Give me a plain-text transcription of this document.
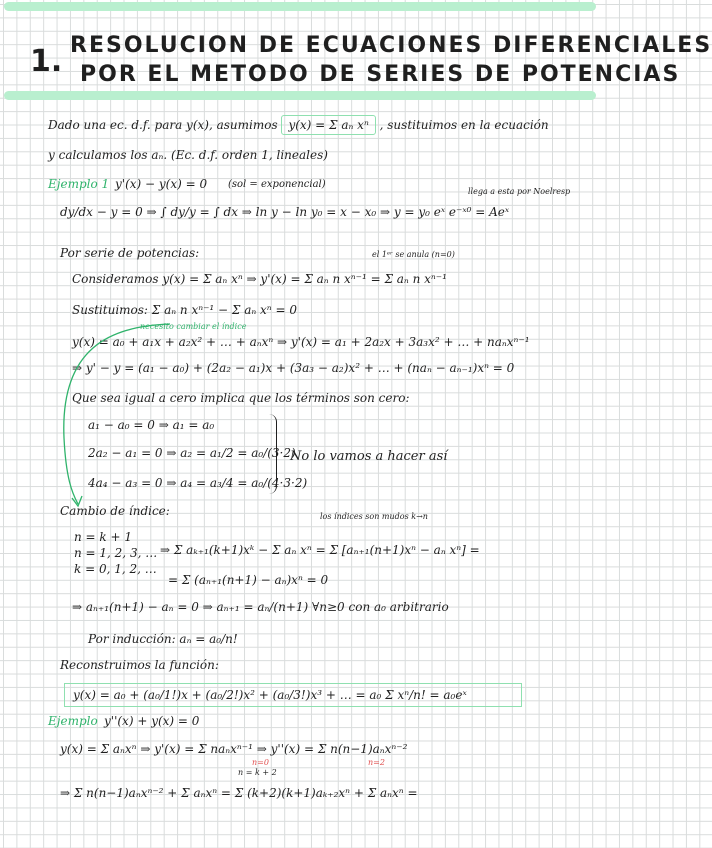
1. RESOLUCION DE ECUACIONES DIFERENCIALES
POR EL METODO DE SERIES DE POTENCIAS
Dado una ec. d.f. para y(x), asumimos y(x) = Σ aₙ xⁿ , sustituimos en la ecuación
y calculamos los aₙ. (Ec. d.f. orden 1, lineales)
Ejemplo 1 y'(x) − y(x) = 0 (sol = exponencial)
llega a esta por Noelresp
dy/dx − y = 0 ⇒ ∫ dy/y = ∫ dx ⇒ ln y − ln y₀ = x − x₀ ⇒ y = y₀ eˣ e⁻ˣ⁰ = Aeˣ
Por serie de potencias:	el 1ᵉʳ se anula (n=0)
Consideramos y(x) = Σ aₙ xⁿ ⇒ y'(x) = Σ aₙ n xⁿ⁻¹ = Σ aₙ n xⁿ⁻¹
Sustituimos: Σ aₙ n xⁿ⁻¹ − Σ aₙ xⁿ = 0
necesito cambiar el índice
y(x) = a₀ + a₁x + a₂x² + … + aₙxⁿ ⇒ y'(x) = a₁ + 2a₂x + 3a₃x² + … + naₙxⁿ⁻¹
⇒ y' − y = (a₁ − a₀) + (2a₂ − a₁)x + (3a₃ − a₂)x² + … + (naₙ − aₙ₋₁)xⁿ = 0
Que sea igual a cero implica que los términos son cero:
a₁ − a₀ = 0 ⇒ a₁ = a₀
2a₂ − a₁ = 0 ⇒ a₂ = a₁/2 = a₀/(3·2)
4a₄ − a₃ = 0 ⇒ a₄ = a₃/4 = a₀/(4·3·2)
No lo vamos a hacer así
Cambio de índice:	los índices son mudos k→n
n = k + 1
n = 1, 2, 3, …
k = 0, 1, 2, …
⇒ Σ aₖ₊₁(k+1)xᵏ − Σ aₙ xⁿ = Σ [aₙ₊₁(n+1)xⁿ − aₙ xⁿ] =
= Σ (aₙ₊₁(n+1) − aₙ)xⁿ = 0
⇒ aₙ₊₁(n+1) − aₙ = 0 ⇒ aₙ₊₁ = aₙ/(n+1) ∀n≥0 con a₀ arbitrario
Por inducción: aₙ = a₀/n!
Reconstruimos la función:
y(x) = a₀ + (a₀/1!)x + (a₀/2!)x² + (a₀/3!)x³ + … = a₀ Σ xⁿ/n! = a₀eˣ
Ejemplo y''(x) + y(x) = 0
y(x) = Σ aₙxⁿ ⇒ y'(x) = Σ naₙxⁿ⁻¹ ⇒ y''(x) = Σ n(n−1)aₙxⁿ⁻²
n=0	n=2
n = k + 2
⇒ Σ n(n−1)aₙxⁿ⁻² + Σ aₙxⁿ = Σ (k+2)(k+1)aₖ₊₂xⁿ + Σ aₙxⁿ =
